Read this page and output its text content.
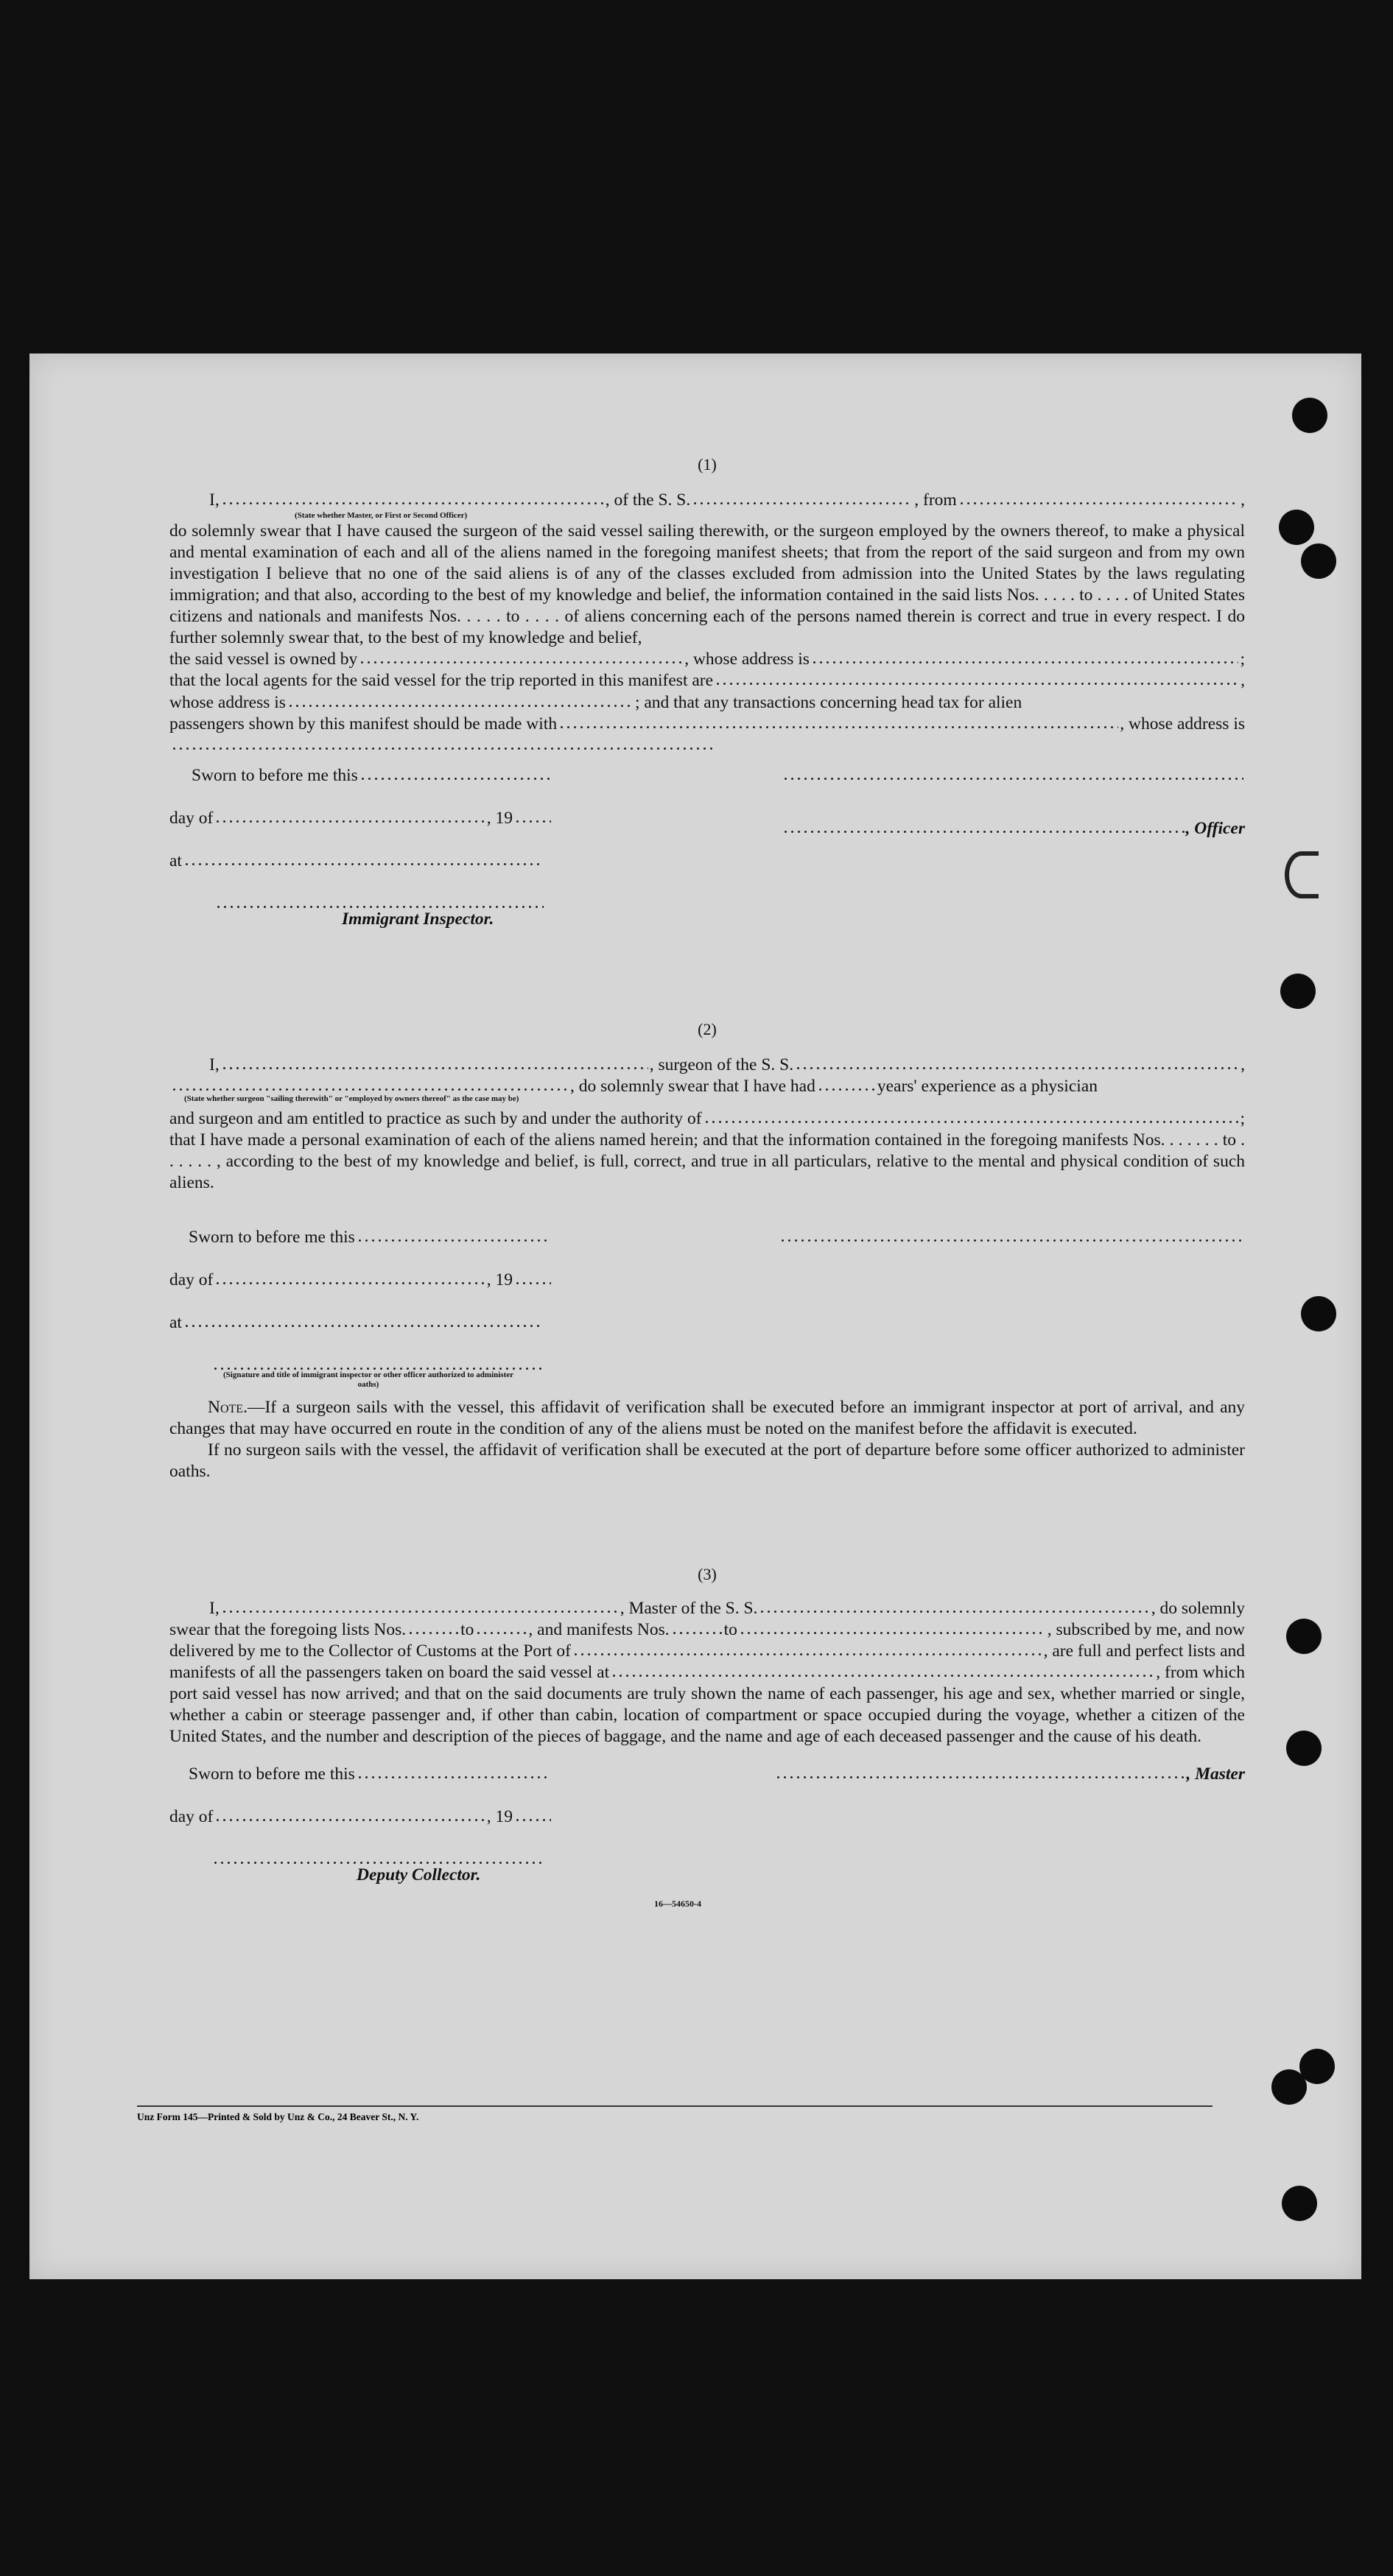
(1)

I,	, of the S. S.	, from	,
(State whether Master, or First or Second Officer)

do solemnly swear that I have caused the surgeon of the said vessel sailing therewith, or the surgeon employed by the owners thereof, to make a physical and mental examination of each and all of the aliens named in the foregoing manifest sheets; that from the report of the said surgeon and from my own investigation I believe that no one of the said aliens is of any of the classes excluded from admission into the United States by the laws regulating immigration; and that also, according to the best of my knowledge and belief, the information contained in the said lists Nos. . . . . to . . . . of United States citizens and nationals and manifests Nos. . . . . to . . . . of aliens concerning each of the persons named therein is correct and true in every respect. I do further solemnly swear that, to the best of my knowledge and belief,

the said vessel is owned by	, whose address is	;
that the local agents for the said vessel for the trip reported in this manifest are	,
whose address is	; and that any transactions concerning head tax for alien
passengers shown by this manifest should be made with	, whose address is
Sworn to before me this
day of	, 19
, Officer
at
Immigrant Inspector.

(2)

I,	, surgeon of the S. S.	,
, do solemnly swear that I have had	years' experience as a physician
(State whether surgeon "sailing therewith" or "employed by owners thereof" as the case may be)
and surgeon and am entitled to practice as such by and under the authority of	;

that I have made a personal examination of each of the aliens named herein; and that the information contained in the foregoing manifests Nos. . . . . . . to . . . . . . , according to the best of my knowledge and belief, is full, correct, and true in all particulars, relative to the mental and physical condition of such aliens.

Sworn to before me this
day of	, 19
at
(Signature and title of immigrant inspector or other officer authorized to administer oaths)

Note.—If a surgeon sails with the vessel, this affidavit of verification shall be executed before an immigrant inspector at port of arrival, and any changes that may have occurred en route in the condition of any of the aliens must be noted on the manifest before the affidavit is executed.

If no surgeon sails with the vessel, the affidavit of verification shall be executed at the port of departure before some officer authorized to administer oaths.

(3)

I,	, Master of the S. S.	, do solemnly
swear that the foregoing lists Nos.	to	, and manifests Nos.	to	, subscribed by me, and now
delivered by me to the Collector of Customs at the Port of	, are full and perfect lists and
manifests of all the passengers taken on board the said vessel at	, from which

port said vessel has now arrived; and that on the said documents are truly shown the name of each passenger, his age and sex, whether married or single, whether a cabin or steerage passenger and, if other than cabin, location of compartment or space occupied during the voyage, whether a citizen of the United States, and the number and description of the pieces of baggage, and the name and age of each deceased passenger and the cause of his death.

Sworn to before me this	, Master
day of	, 19
Deputy Collector.
16—54650-4
Unz Form 145—Printed & Sold by Unz & Co., 24 Beaver St., N. Y.
